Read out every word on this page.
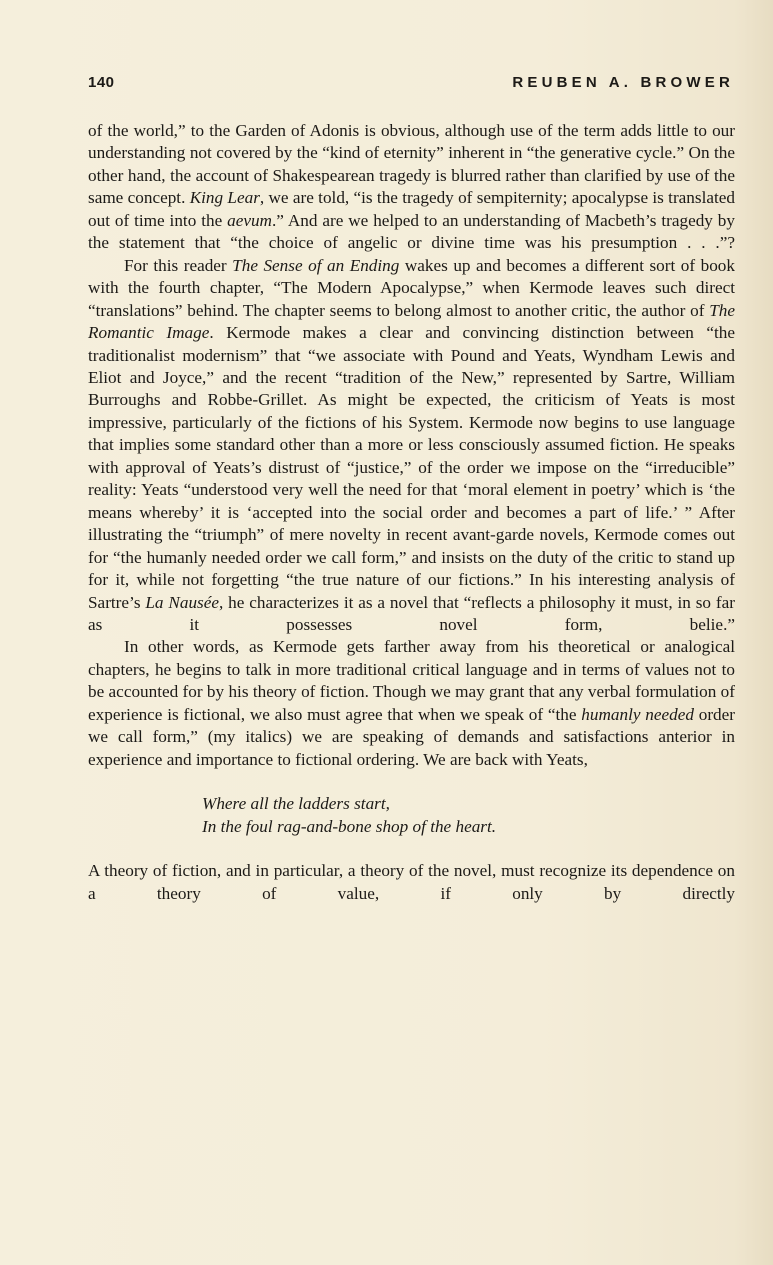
140	REUBEN A. BROWER

of the world,” to the Garden of Adonis is obvious, although use of the term adds little to our understanding not covered by the “kind of eternity” inherent in “the generative cycle.” On the other hand, the account of Shakespearean tragedy is blurred rather than clarified by use of the same concept. King Lear, we are told, “is the tragedy of sempiternity; apocalypse is translated out of time into the aevum.” And are we helped to an understanding of Macbeth’s tragedy by the statement that “the choice of angelic or divine time was his presumption . . .”?

For this reader The Sense of an Ending wakes up and becomes a different sort of book with the fourth chapter, “The Modern Apocalypse,” when Kermode leaves such direct “translations” behind. The chapter seems to belong almost to another critic, the author of The Romantic Image. Kermode makes a clear and convincing distinction between “the traditionalist modernism” that “we associate with Pound and Yeats, Wyndham Lewis and Eliot and Joyce,” and the recent “tradition of the New,” represented by Sartre, William Burroughs and Robbe-Grillet. As might be expected, the criticism of Yeats is most impressive, particularly of the fictions of his System. Kermode now begins to use language that implies some standard other than a more or less consciously assumed fiction. He speaks with approval of Yeats’s distrust of “justice,” of the order we impose on the “irreducible” reality: Yeats “understood very well the need for that ‘moral element in poetry’ which is ‘the means whereby’ it is ‘accepted into the social order and becomes a part of life.’ ” After illustrating the “triumph” of mere novelty in recent avant-garde novels, Kermode comes out for “the humanly needed order we call form,” and insists on the duty of the critic to stand up for it, while not forgetting “the true nature of our fictions.” In his interesting analysis of Sartre’s La Nausée, he characterizes it as a novel that “reflects a philosophy it must, in so far as it possesses novel form, belie.”

In other words, as Kermode gets farther away from his theoretical or analogical chapters, he begins to talk in more traditional critical language and in terms of values not to be accounted for by his theory of fiction. Though we may grant that any verbal formulation of experience is fictional, we also must agree that when we speak of “the humanly needed order we call form,” (my italics) we are speaking of demands and satisfactions anterior in experience and importance to fictional ordering. We are back with Yeats,

Where all the ladders start,
In the foul rag-and-bone shop of the heart.

A theory of fiction, and in particular, a theory of the novel, must recognize its dependence on a theory of value, if only by directly
